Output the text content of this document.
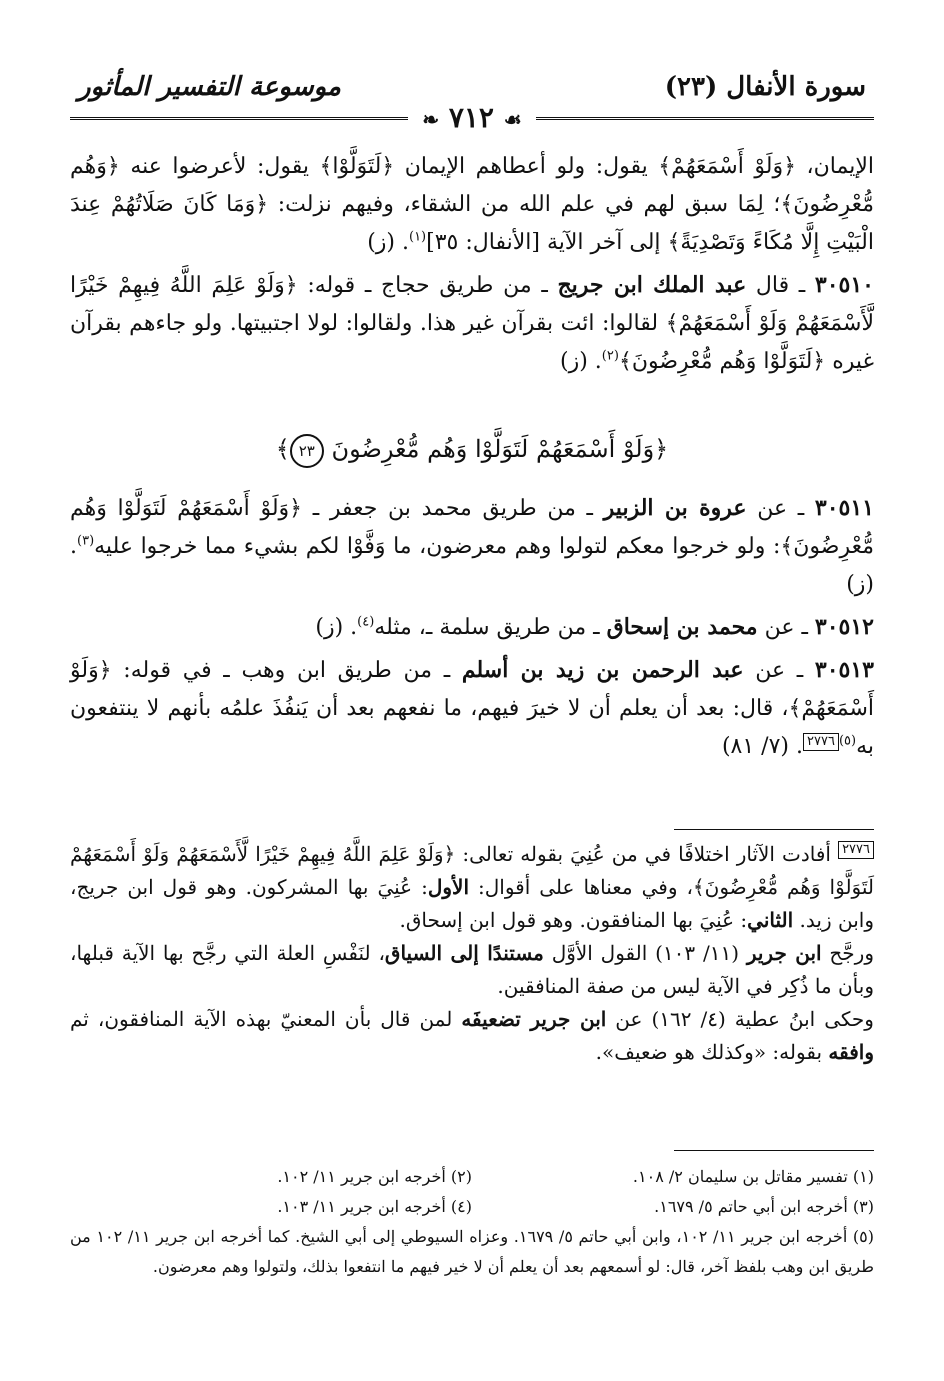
سورة الأنفال (٢٣)
موسوعة التفسير المأثور
❧ ٧١٢ ☙

الإيمان، ﴿وَلَوْ أَسْمَعَهُمْ﴾ يقول: ولو أعطاهم الإيمان ﴿لَتَوَلَّوْا﴾ يقول: لأعرضوا عنه ﴿وَهُم مُّعْرِضُونَ﴾؛ لِمَا سبق لهم في علم الله من الشقاء، وفيهم نزلت: ﴿وَمَا كَانَ صَلَاتُهُمْ عِندَ الْبَيْتِ إِلَّا مُكَاءً وَتَصْدِيَةً﴾ إلى آخر الآية [الأنفال: ٣٥]$^{(١)}$. (ز)

٣٠٥١٠ ـ قال عبد الملك ابن جريج ـ من طريق حجاج ـ قوله: ﴿وَلَوْ عَلِمَ اللَّهُ فِيهِمْ خَيْرًا لَّأَسْمَعَهُمْ وَلَوْ أَسْمَعَهُمْ﴾ لقالوا: ائت بقرآن غير هذا. ولقالوا: لولا اجتبيتها. ولو جاءهم بقرآن غيره ﴿لَتَوَلَّوْا وَهُم مُّعْرِضُونَ﴾$^{(٢)}$. (ز)

﴿وَلَوْ أَسْمَعَهُمْ لَتَوَلَّوْا وَهُم مُّعْرِضُونَ ٢٣﴾

٣٠٥١١ ـ عن عروة بن الزبير ـ من طريق محمد بن جعفر ـ ﴿وَلَوْ أَسْمَعَهُمْ لَتَوَلَّوْا وَهُم مُّعْرِضُونَ﴾: ولو خرجوا معكم لتولوا وهم معرضون، ما وَفَّوْا لكم بشيء مما خرجوا عليه$^{(٣)}$. (ز)

٣٠٥١٢ ـ عن محمد بن إسحاق ـ من طريق سلمة ـ، مثله$^{(٤)}$. (ز)

٣٠٥١٣ ـ عن عبد الرحمن بن زيد بن أسلم ـ من طريق ابن وهب ـ في قوله: ﴿وَلَوْ أَسْمَعَهُمْ﴾، قال: بعد أن يعلم أن لا خيرَ فيهم، ما نفعهم بعد أن يَنفُذَ علمُه بأنهم لا ينتفعون به$^{(٥)}$٢٧٧٦. (٧/ ٨١)

٢٧٧٦ أفادت الآثار اختلافًا في من عُنِيَ بقوله تعالى: ﴿وَلَوْ عَلِمَ اللَّهُ فِيهِمْ خَيْرًا لَّأَسْمَعَهُمْ وَلَوْ أَسْمَعَهُمْ لَتَوَلَّوْا وَهُم مُّعْرِضُونَ﴾، وفي معناها على أقوال: الأول: عُنِيَ بها المشركون. وهو قول ابن جريج، وابن زيد. الثاني: عُنِيَ بها المنافقون. وهو قول ابن إسحاق.

ورجَّح ابن جرير (١١/ ١٠٣) القول الأوَّل مستندًا إلى السياق، لنَفْسِ العلة التي رجَّح بها الآية قبلها، وبأن ما ذُكِر في الآية ليس من صفة المنافقين.

وحكى ابنُ عطية (٤/ ١٦٢) عن ابن جرير تضعيفَه لمن قال بأن المعنيّ بهذه الآية المنافقون، ثم وافقه بقوله: «وكذلك هو ضعيف».

(١) تفسير مقاتل بن سليمان ٢/ ١٠٨.
(٢) أخرجه ابن جرير ١١/ ١٠٢.
(٣) أخرجه ابن أبي حاتم ٥/ ١٦٧٩.
(٤) أخرجه ابن جرير ١١/ ١٠٣.

(٥) أخرجه ابن جرير ١١/ ١٠٢، وابن أبي حاتم ٥/ ١٦٧٩. وعزاه السيوطي إلى أبي الشيخ. كما أخرجه ابن جرير ١١/ ١٠٢ من طريق ابن وهب بلفظ آخر، قال: لو أسمعهم بعد أن يعلم أن لا خير فيهم ما انتفعوا بذلك، ولتولوا وهم معرضون.
